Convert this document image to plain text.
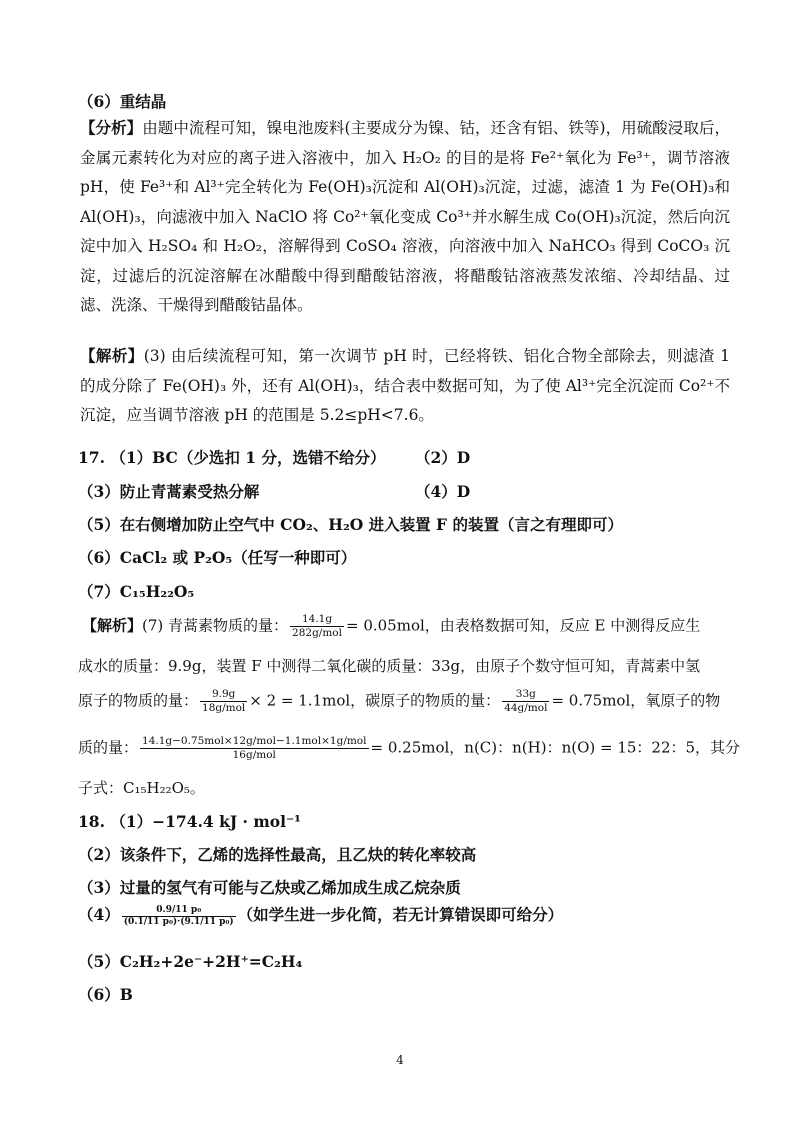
（6）重结晶

【分析】由题中流程可知，镍电池废料(主要成分为镍、钴，还含有铝、铁等)，用硫酸浸取后，金属元素转化为对应的离子进入溶液中，加入 H₂O₂ 的目的是将 Fe²⁺氧化为 Fe³⁺，调节溶液 pH，使 Fe³⁺和 Al³⁺完全转化为 Fe(OH)₃沉淀和 Al(OH)₃沉淀，过滤，滤渣 1 为 Fe(OH)₃和 Al(OH)₃，向滤液中加入 NaClO 将 Co²⁺氧化变成 Co³⁺并水解生成 Co(OH)₃沉淀，然后向沉淀中加入 H₂SO₄ 和 H₂O₂，溶解得到 CoSO₄ 溶液，向溶液中加入 NaHCO₃ 得到 CoCO₃ 沉淀，过滤后的沉淀溶解在冰醋酸中得到醋酸钴溶液，将醋酸钴溶液蒸发浓缩、冷却结晶、过滤、洗涤、干燥得到醋酸钴晶体。

【解析】(3) 由后续流程可知，第一次调节 pH 时，已经将铁、铝化合物全部除去，则滤渣 1 的成分除了 Fe(OH)₃ 外，还有 Al(OH)₃，结合表中数据可知，为了使 Al³⁺完全沉淀而 Co²⁺不沉淀，应当调节溶液 pH 的范围是 5.2≤pH<7.6。

17. （1）BC（少选扣 1 分，选错不给分） （2）D
（3）防止青蒿素受热分解	（4）D
（5）在右侧增加防止空气中 CO₂、H₂O 进入装置 F 的装置（言之有理即可）
（6）CaCl₂ 或 P₂O₅（任写一种即可）
（7）C₁₅H₂₂O₅
【解析】(7) 青蒿素物质的量： $\frac{14.1g}{\text{282g/mol}} = 0.05mol$，由表格数据可知，反应 E 中测得反应生
成水的质量：9.9g，装置 F 中测得二氧化碳的质量：33g，由原子个数守恒可知，青蒿素中氢
原子的物质的量： $\frac{9.9g}{\text{18g/mol}} \times 2 = 1.1mol$，碳原子的物质的量： $\frac{33g}{\text{44g/mol}} = 0.75mol$，氧原子的物
质的量： $\frac{\text{14.1g−0.75mol×12g/mol−1.1mol×1g/mol}}{\text{16g/mol}} = 0.25mol$，n(C)：n(H)：n(O) = 15：22：5，其分
子式：C₁₅H₂₂O₅。
18. （1）−174.4 kJ · mol⁻¹
（2）该条件下，乙烯的选择性最高，且乙炔的转化率较高
（3）过量的氢气有可能与乙炔或乙烯加成生成乙烷杂质
$(4) \frac{\text{0.9/11 p₀}}{\text{(0.1/11 p₀)·(9.1/11 p₀)}}$ （如学生进一步化简，若无计算错误即可给分）
（5）C₂H₂+2e⁻+2H⁺=C₂H₄
（6）B
4
